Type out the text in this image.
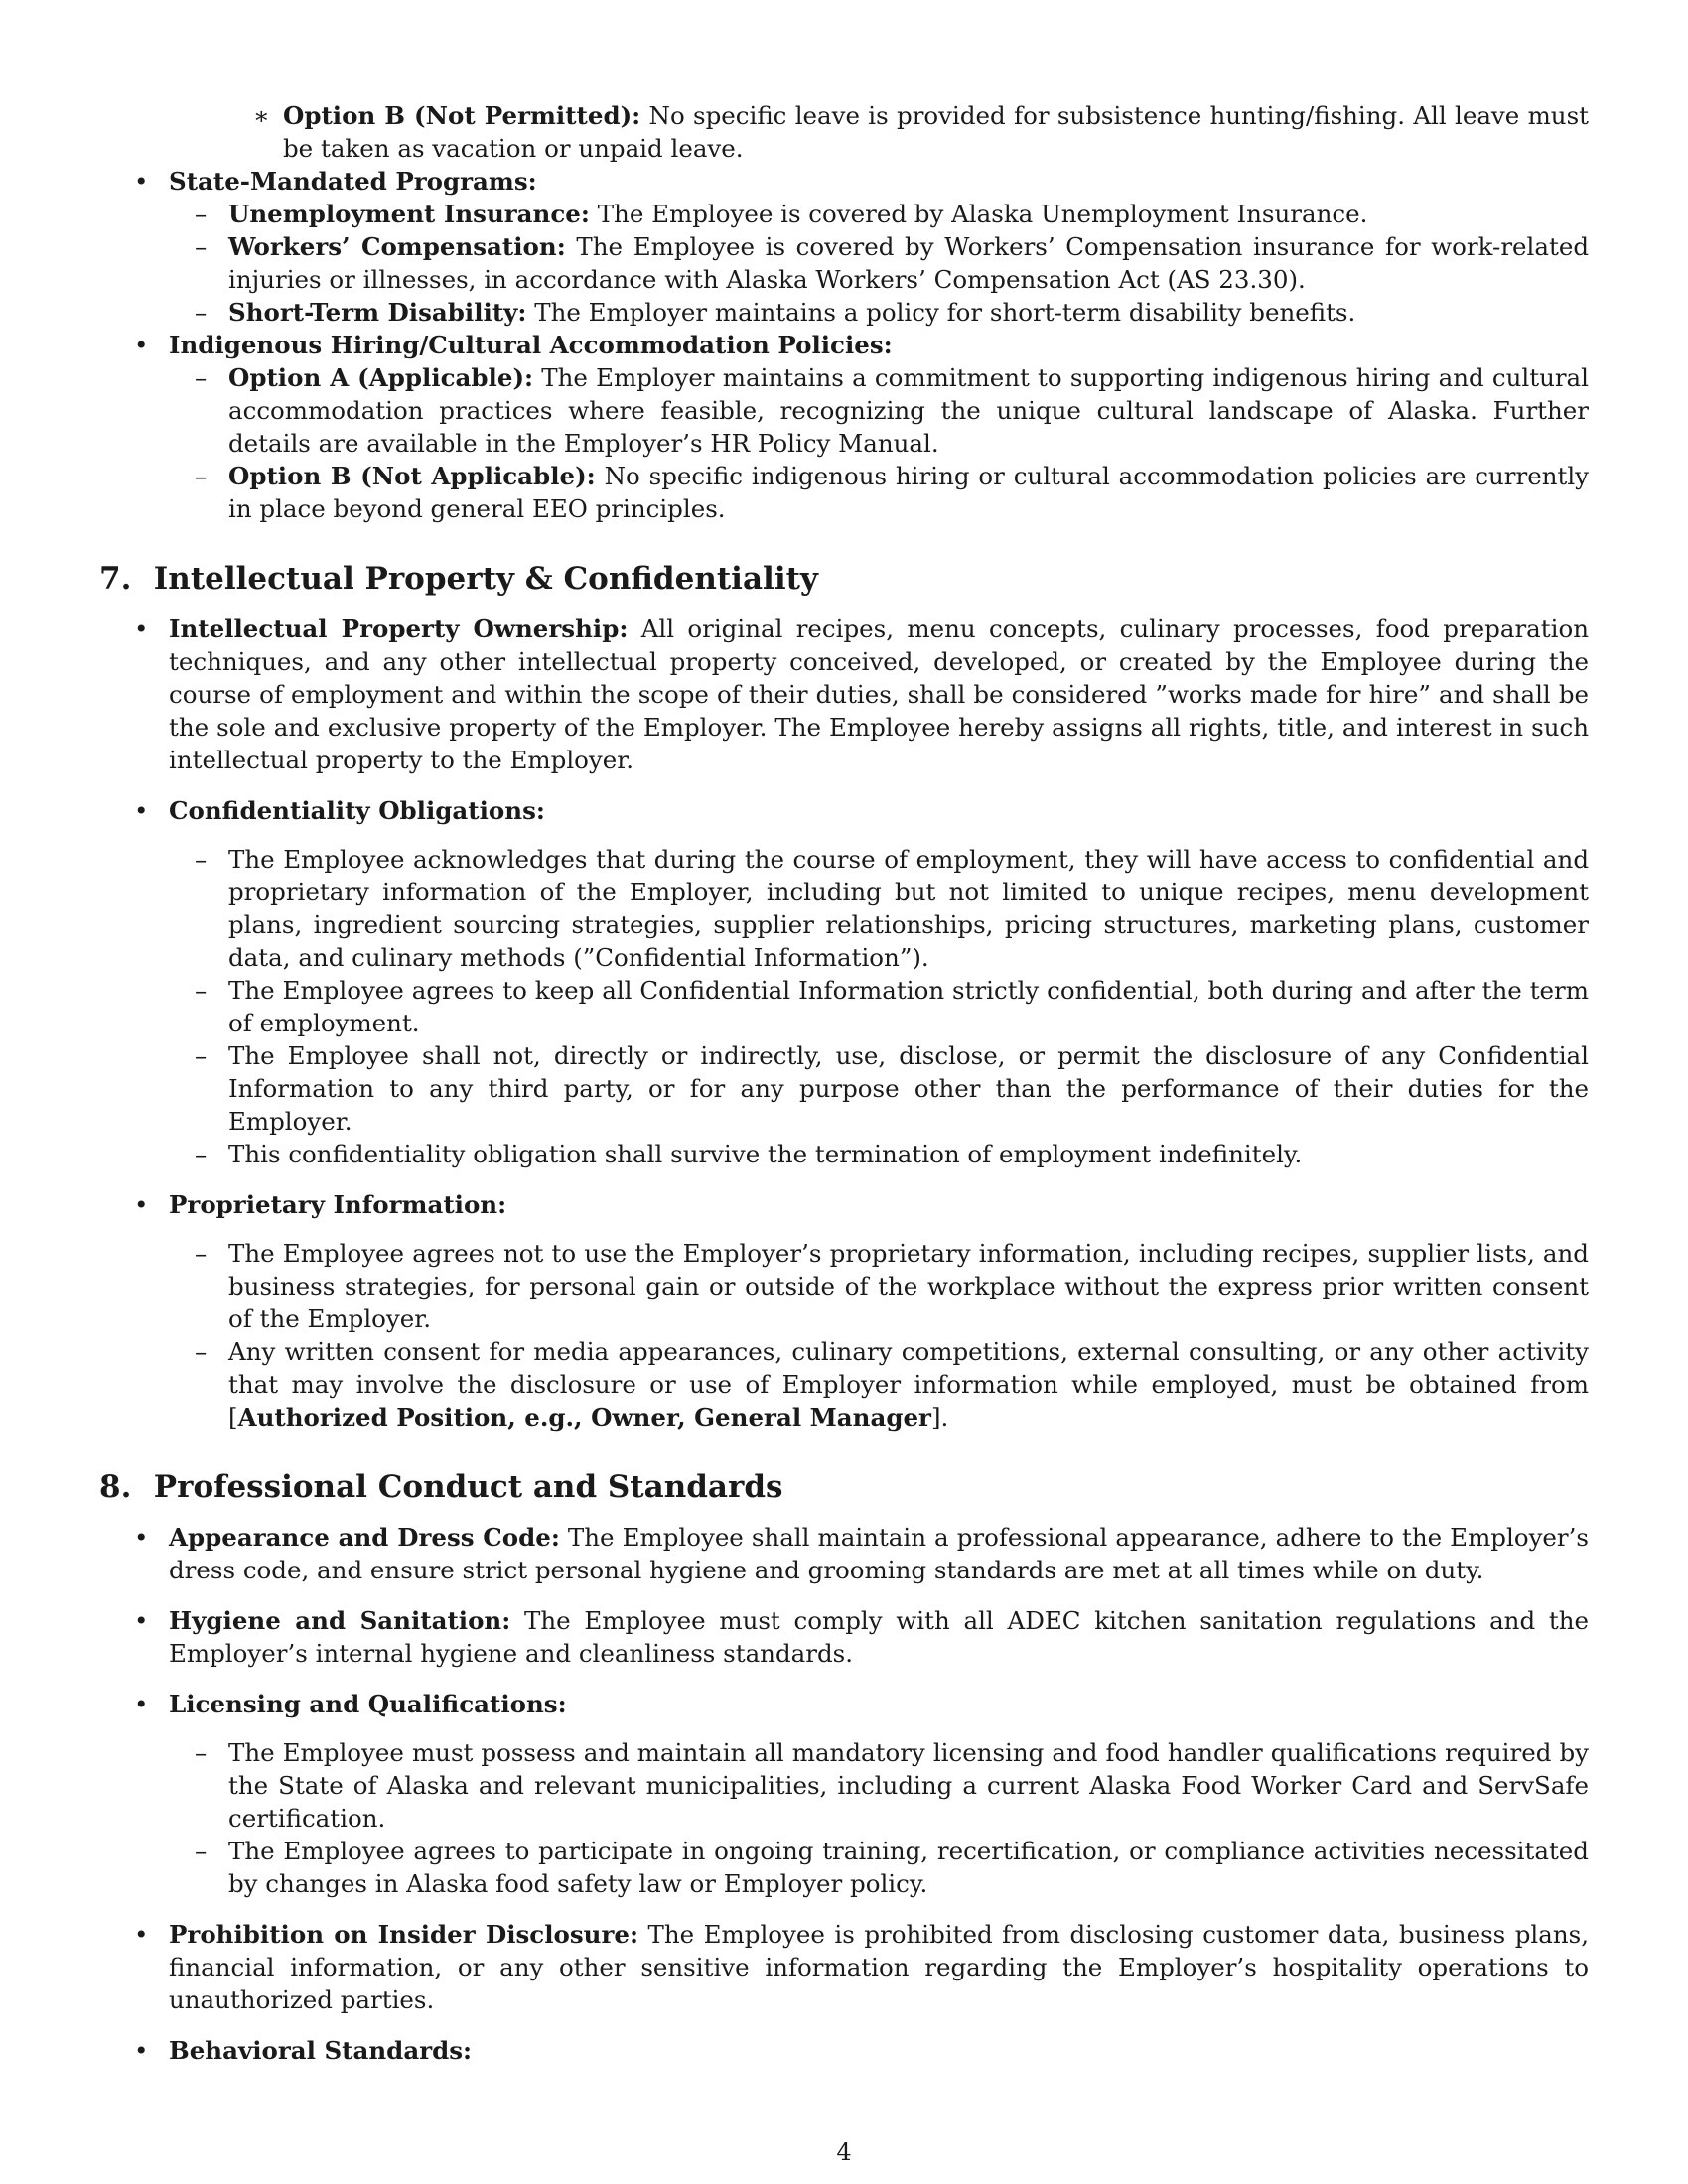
∗ Option B (Not Permitted): No specific leave is provided for subsistence hunting/fishing. All leave must be taken as vacation or unpaid leave.
• State-Mandated Programs:
– Unemployment Insurance: The Employee is covered by Alaska Unemployment Insurance.
– Workers’ Compensation: The Employee is covered by Workers’ Compensation insurance for work-related injuries or illnesses, in accordance with Alaska Workers’ Compensation Act (AS 23.30).
– Short-Term Disability: The Employer maintains a policy for short-term disability benefits.
• Indigenous Hiring/Cultural Accommodation Policies:
– Option A (Applicable): The Employer maintains a commitment to supporting indigenous hiring and cultural accommodation practices where feasible, recognizing the unique cultural landscape of Alaska. Further details are available in the Employer’s HR Policy Manual.
– Option B (Not Applicable): No specific indigenous hiring or cultural accommodation policies are currently in place beyond general EEO principles.
7. Intellectual Property & Confidentiality
• Intellectual Property Ownership: All original recipes, menu concepts, culinary processes, food preparation techniques, and any other intellectual property conceived, developed, or created by the Employee during the course of employment and within the scope of their duties, shall be considered ”works made for hire” and shall be the sole and exclusive property of the Employer. The Employee hereby assigns all rights, title, and interest in such intellectual property to the Employer.
• Confidentiality Obligations:
– The Employee acknowledges that during the course of employment, they will have access to confidential and proprietary information of the Employer, including but not limited to unique recipes, menu development plans, ingredient sourcing strategies, supplier relationships, pricing structures, marketing plans, customer data, and culinary methods (”Confidential Information”).
– The Employee agrees to keep all Confidential Information strictly confidential, both during and after the term of employment.
– The Employee shall not, directly or indirectly, use, disclose, or permit the disclosure of any Confidential Information to any third party, or for any purpose other than the performance of their duties for the Employer.
– This confidentiality obligation shall survive the termination of employment indefinitely.
• Proprietary Information:
– The Employee agrees not to use the Employer’s proprietary information, including recipes, supplier lists, and business strategies, for personal gain or outside of the workplace without the express prior written consent of the Employer.
– Any written consent for media appearances, culinary competitions, external consulting, or any other activity that may involve the disclosure or use of Employer information while employed, must be obtained from [Authorized Position, e.g., Owner, General Manager].
8. Professional Conduct and Standards
• Appearance and Dress Code: The Employee shall maintain a professional appearance, adhere to the Employer’s dress code, and ensure strict personal hygiene and grooming standards are met at all times while on duty.
• Hygiene and Sanitation: The Employee must comply with all ADEC kitchen sanitation regulations and the Employer’s internal hygiene and cleanliness standards.
• Licensing and Qualifications:
– The Employee must possess and maintain all mandatory licensing and food handler qualifications required by the State of Alaska and relevant municipalities, including a current Alaska Food Worker Card and ServSafe certification.
– The Employee agrees to participate in ongoing training, recertification, or compliance activities necessitated by changes in Alaska food safety law or Employer policy.
• Prohibition on Insider Disclosure: The Employee is prohibited from disclosing customer data, business plans, financial information, or any other sensitive information regarding the Employer’s hospitality operations to unauthorized parties.
• Behavioral Standards:
4
